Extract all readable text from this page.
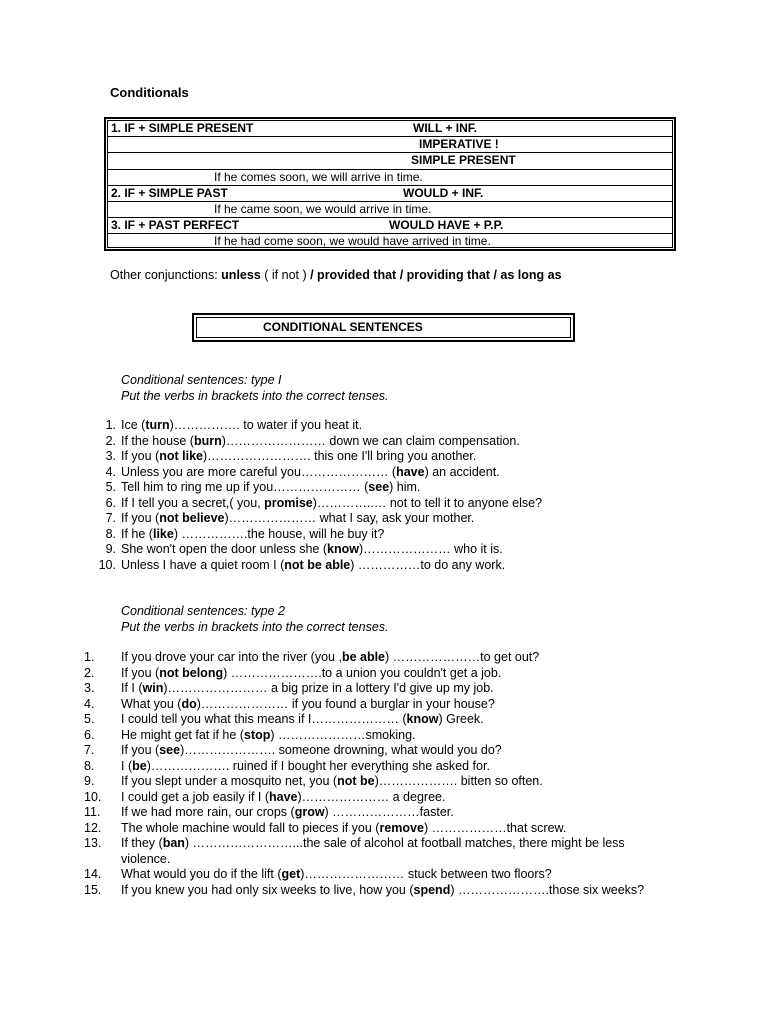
Conditionals
1. IF + SIMPLE PRESENT	WILL + INF.
IMPERATIVE !
SIMPLE PRESENT
If he comes soon, we will arrive in time.
2. IF + SIMPLE PAST	WOULD + INF.
If he came soon, we would arrive in time.
3. IF + PAST PERFECT	WOULD HAVE + P.P.
If he had come soon, we would have arrived in time.
Other conjunctions: unless ( if not ) / provided that / providing that / as long as
CONDITIONAL SENTENCES
Conditional sentences: type I
Put the verbs in brackets into the correct tenses.
1. Ice (turn)……………. to water if you heat it.
2. If the house (burn)…………………… down we can claim compensation.
3. If you (not like)……………………. this one I'll bring you another.
4. Unless you are more careful you………………… (have) an accident.
5. Tell him to ring me up if you………………… (see) him.
6. If I tell you a secret,( you, promise)…………..… not to tell it to anyone else?
7. If you (not believe)………………… what I say, ask your mother.
8. If he (like) …………….the house, will he buy it?
9. She won't open the door unless she (know)………………… who it is.
10. Unless I have a quiet room I (not be able) ……………to do any work.
Conditional sentences: type 2
Put the verbs in brackets into the correct tenses.
1.	If you drove your car into the river (you ,be able) …………………to get out?
2.	If you (not belong) ………………….to a union you couldn't get a job.
3.	If I (win)…………………… a big prize in a lottery I'd give up my job.
4.	What you (do)………………… if you found a burglar in your house?
5.	I could tell you what this means if I………………… (know) Greek.
6.	He might get fat if he (stop) …………………smoking.
7.	If you (see)…………………. someone drowning, what would you do?
8.	I (be)………………. ruined if I bought her everything she asked for.
9.	If you slept under a mosquito net, you (not be)………………. bitten so often.
10. I could get a job easily if I (have)………………… a degree.
11. If we had more rain, our crops (grow) …………………faster.
12. The whole machine would fall to pieces if you (remove) ………………that screw.
13. If they (ban) ……………………...the sale of alcohol at football matches, there might be less violence.
14. What would you do if the lift (get)…………………… stuck between two floors?
15. If you knew you had only six weeks to live, how you (spend) ………………….those six weeks?
